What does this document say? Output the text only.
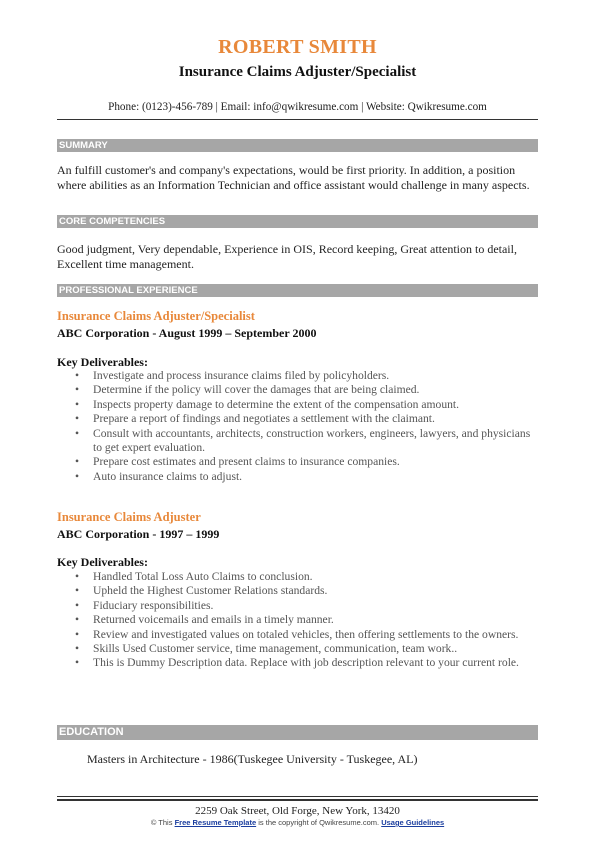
ROBERT SMITH
Insurance Claims Adjuster/Specialist
Phone: (0123)-456-789 | Email: info@qwikresume.com | Website: Qwikresume.com
SUMMARY
An fulfill customer's and company's expectations, would be first priority. In addition, a position where abilities as an Information Technician and office assistant would challenge in many aspects.
CORE COMPETENCIES
Good judgment, Very dependable, Experience in OIS, Record keeping, Great attention to detail, Excellent time management.
PROFESSIONAL EXPERIENCE
Insurance Claims Adjuster/Specialist
ABC Corporation - August 1999 – September 2000
Key Deliverables:
• Investigate and process insurance claims filed by policyholders.
• Determine if the policy will cover the damages that are being claimed.
• Inspects property damage to determine the extent of the compensation amount.
• Prepare a report of findings and negotiates a settlement with the claimant.
• Consult with accountants, architects, construction workers, engineers, lawyers, and physicians to get expert evaluation.
• Prepare cost estimates and present claims to insurance companies.
• Auto insurance claims to adjust.
Insurance Claims Adjuster
ABC Corporation - 1997 – 1999
Key Deliverables:
• Handled Total Loss Auto Claims to conclusion.
• Upheld the Highest Customer Relations standards.
• Fiduciary responsibilities.
• Returned voicemails and emails in a timely manner.
• Review and investigated values on totaled vehicles, then offering settlements to the owners.
• Skills Used Customer service, time management, communication, team work..
• This is Dummy Description data. Replace with job description relevant to your current role.
EDUCATION
Masters in Architecture - 1986(Tuskegee University - Tuskegee, AL)
2259 Oak Street, Old Forge, New York, 13420
© This Free Resume Template is the copyright of Qwikresume.com. Usage Guidelines
